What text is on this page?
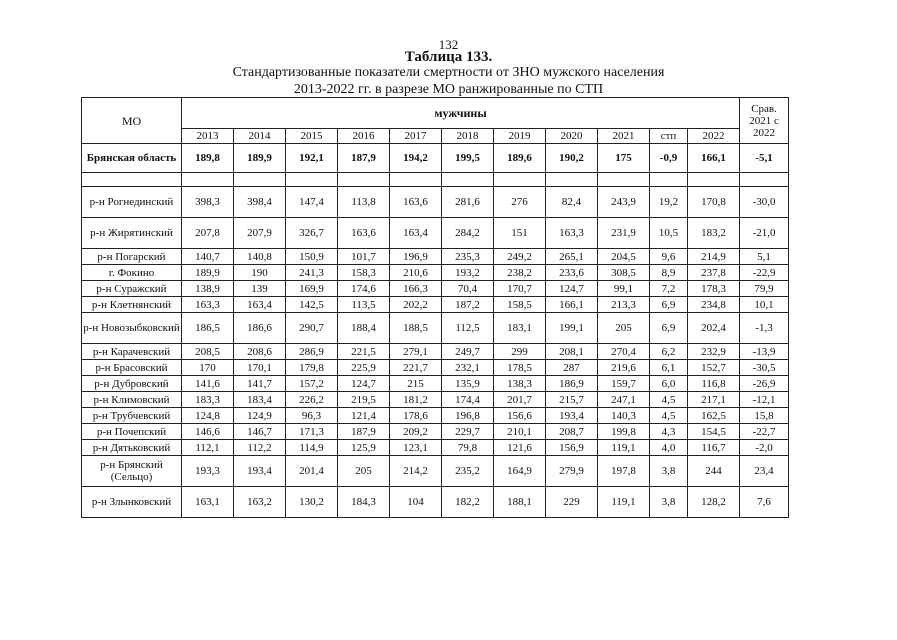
132
Таблица 133.
Стандартизованные показатели смертности от ЗНО мужского населения
2013-2022 гг. в разрезе МО ранжированные по СТП
МО	мужчины											Срав. 2021 с 2022
	2013	2014	2015	2016	2017	2018	2019	2020	2021	стп	2022	
Брянская область	189,8	189,9	192,1	187,9	194,2	199,5	189,6	190,2	175	-0,9	166,1	-5,1

р-н Рогнединский	398,3	398,4	147,4	113,8	163,6	281,6	276	82,4	243,9	19,2	170,8	-30,0
р-н Жирятинский	207,8	207,9	326,7	163,6	163,4	284,2	151	163,3	231,9	10,5	183,2	-21,0
р-н Погарский	140,7	140,8	150,9	101,7	196,9	235,3	249,2	265,1	204,5	9,6	214,9	5,1
г. Фокино	189,9	190	241,3	158,3	210,6	193,2	238,2	233,6	308,5	8,9	237,8	-22,9
р-н Суражский	138,9	139	169,9	174,6	166,3	70,4	170,7	124,7	99,1	7,2	178,3	79,9
р-н Клетнянский	163,3	163,4	142,5	113,5	202,2	187,2	158,5	166,1	213,3	6,9	234,8	10,1
р-н Новозыбковский	186,5	186,6	290,7	188,4	188,5	112,5	183,1	199,1	205	6,9	202,4	-1,3
р-н Карачевский	208,5	208,6	286,9	221,5	279,1	249,7	299	208,1	270,4	6,2	232,9	-13,9
р-н Брасовский	170	170,1	179,8	225,9	221,7	232,1	178,5	287	219,6	6,1	152,7	-30,5
р-н Дубровский	141,6	141,7	157,2	124,7	215	135,9	138,3	186,9	159,7	6,0	116,8	-26,9
р-н Климовский	183,3	183,4	226,2	219,5	181,2	174,4	201,7	215,7	247,1	4,5	217,1	-12,1
р-н Трубчевский	124,8	124,9	96,3	121,4	178,6	196,8	156,6	193,4	140,3	4,5	162,5	15,8
р-н Почепский	146,6	146,7	171,3	187,9	209,2	229,7	210,1	208,7	199,8	4,3	154,5	-22,7
р-н Дятьковский	112,1	112,2	114,9	125,9	123,1	79,8	121,6	156,9	119,1	4,0	116,7	-2,0
р-н Брянский (Сельцо)	193,3	193,4	201,4	205	214,2	235,2	164,9	279,9	197,8	3,8	244	23,4
р-н Злынковский	163,1	163,2	130,2	184,3	104	182,2	188,1	229	119,1	3,8	128,2	7,6
